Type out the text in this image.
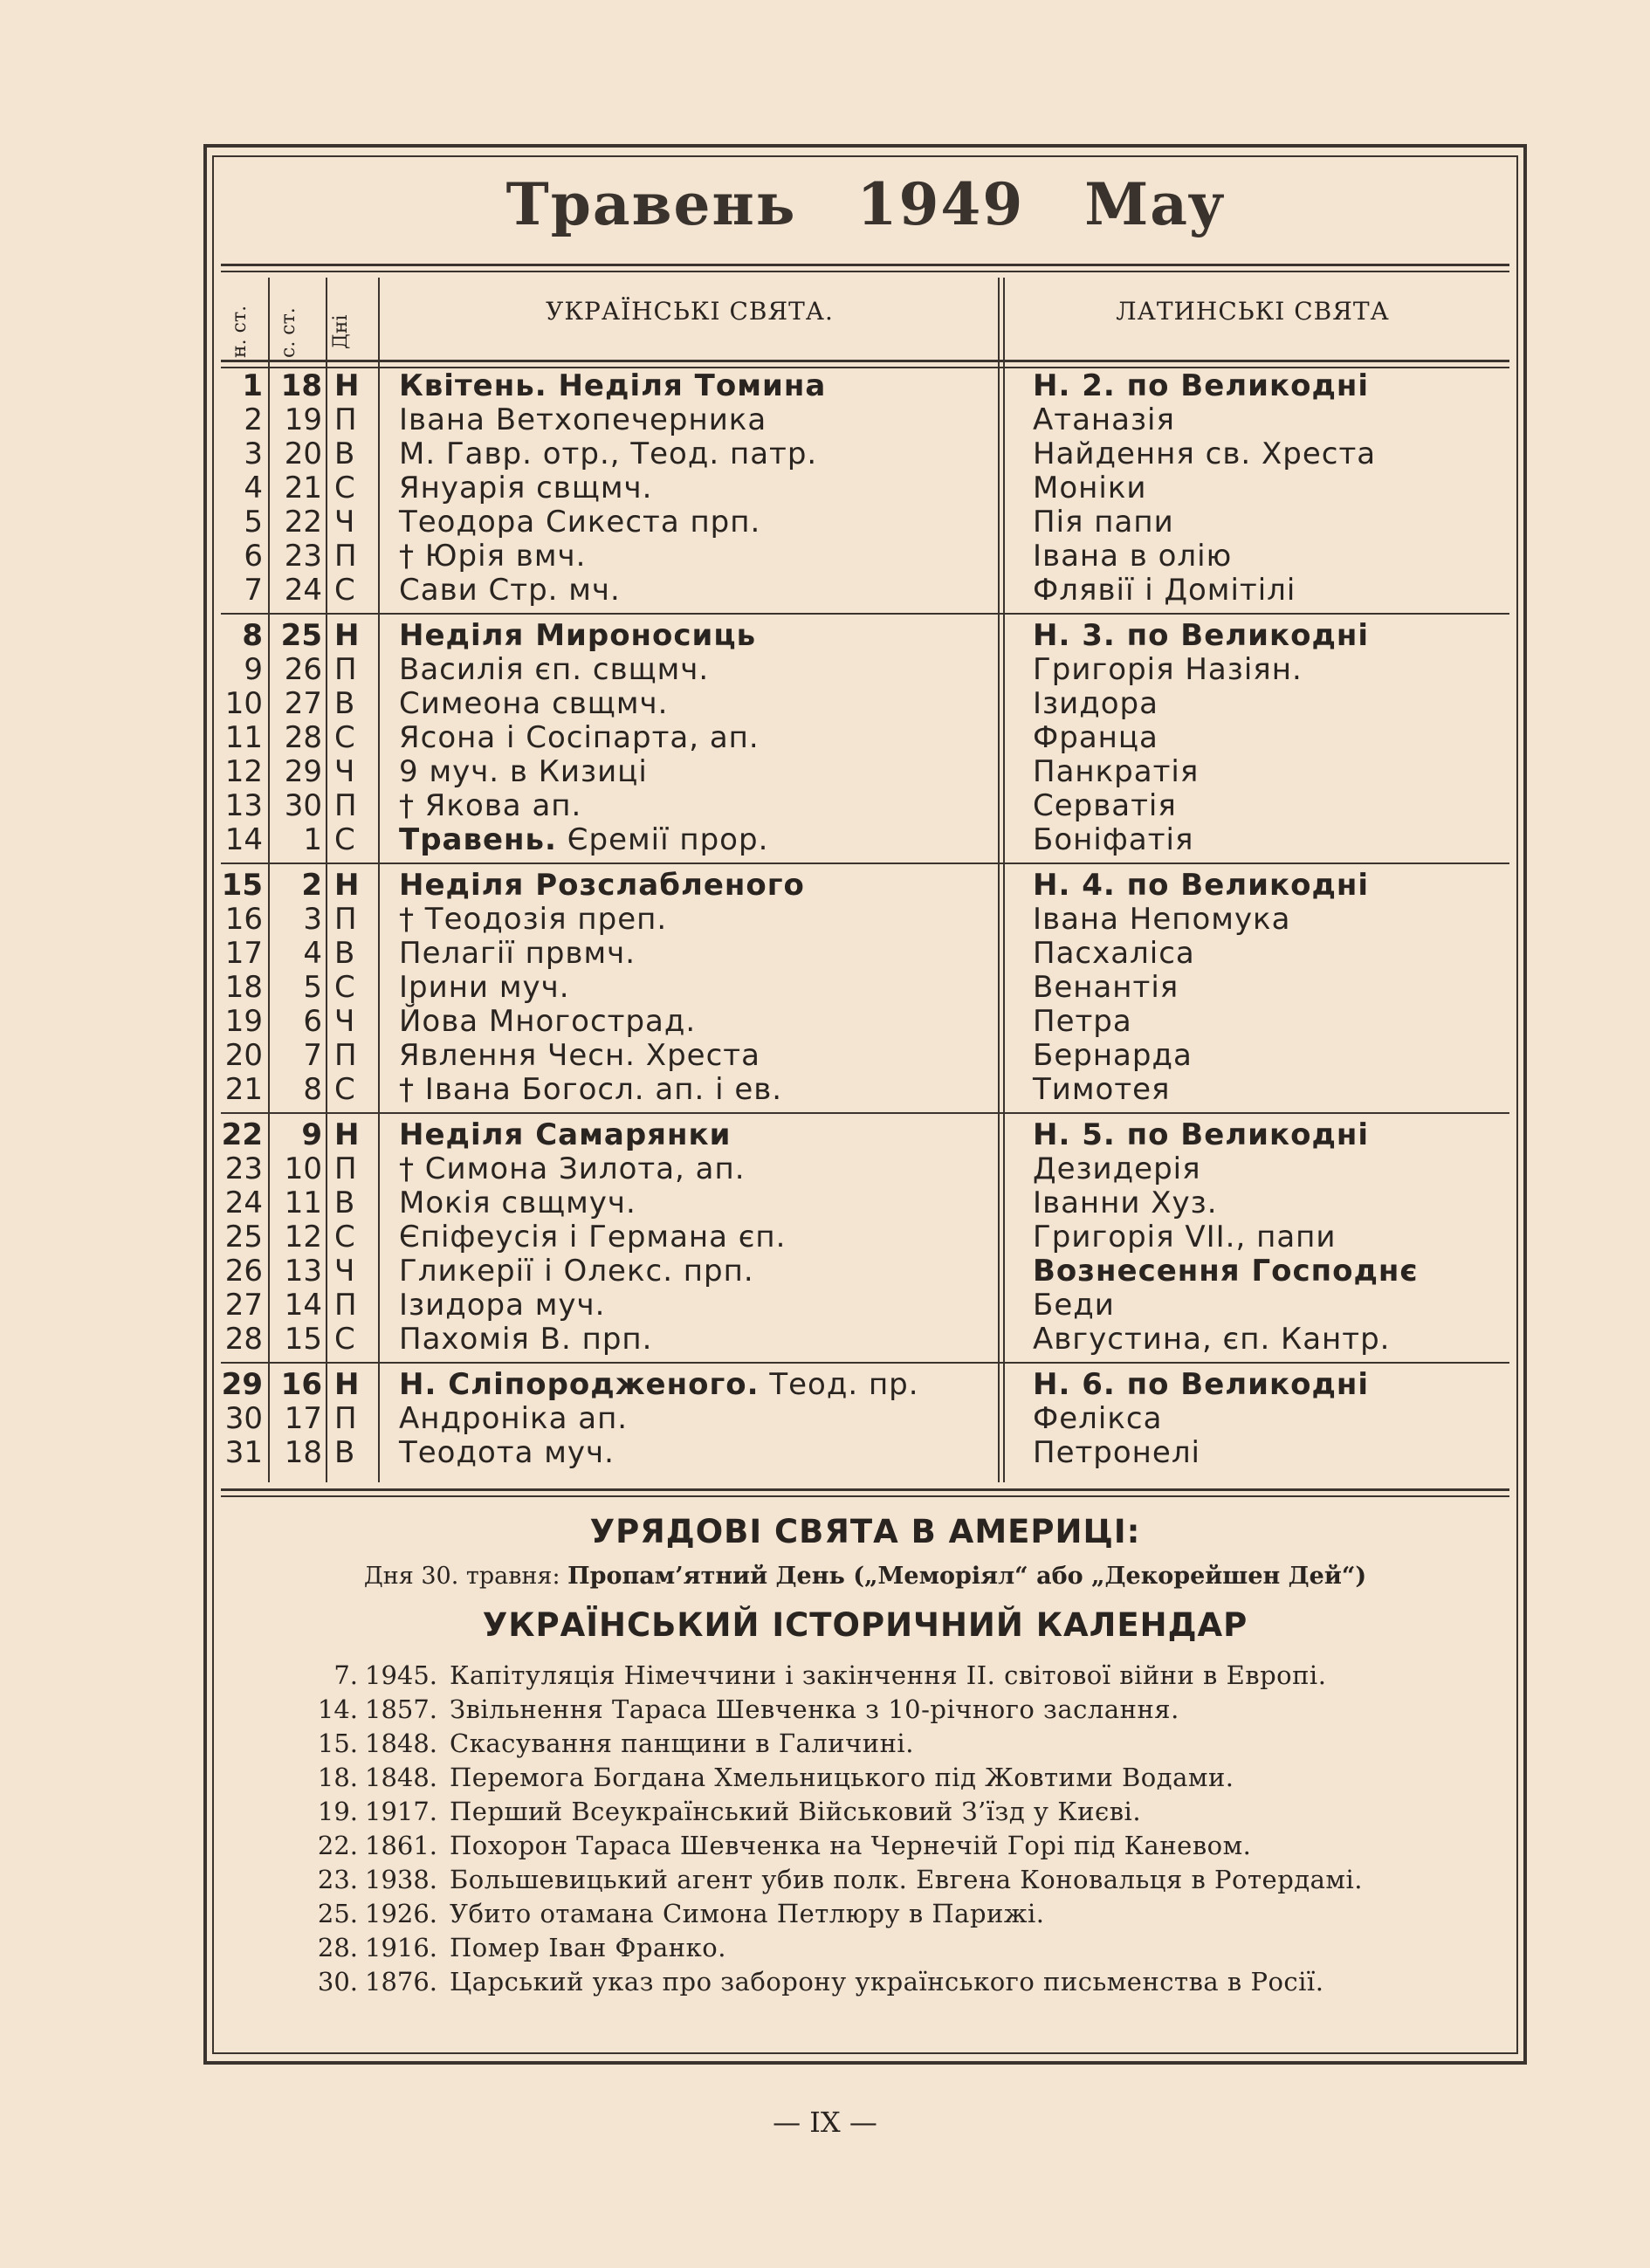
Травень 1949 May
н. ст. с. ст. Дні
УКРАЇНСЬКІ СВЯТА.	ЛАТИНСЬКІ СВЯТА
1 18 Н	Квітень. Неділя Томина	Н. 2. по Великодні
2 19 П	Івана Ветхопечерника	Атаназія
3 20 В	М. Гавр. отр., Теод. патр.	Найдення св. Хреста
4 21 С	Януарія свщмч.	Моніки
5 22 Ч	Теодора Сикеста прп.	Пія папи
6 23 П	† Юрія вмч.	Івана в олію
7 24 С	Сави Стр. мч.	Флявії і Домітілі
8 25 Н	Неділя Мироносиць	Н. 3. по Великодні
9 26 П	Василія єп. свщмч.	Григорія Назіян.
10 27 В	Симеона свщмч.	Ізидора
11 28 С	Ясона і Сосіпарта, ап.	Франца
12 29 Ч	9 муч. в Кизиці	Панкратія
13 30 П	† Якова ап.	Серватія
14	1 С	Травень. Єремії прор.	Боніфатія
15	2 Н	Неділя Розслабленого	Н. 4. по Великодні
16	3 П	† Теодозія преп.	Івана Непомука
17	4 В	Пелагії првмч.	Пасхаліса
18	5 С	Ірини муч.	Венантія
19	6 Ч	Йова Многострад.	Петра
20	7 П	Явлення Чесн. Хреста	Бернарда
21	8 С	† Івана Богосл. ап. і ев.	Тимотея
22	9 Н	Неділя Самарянки	Н. 5. по Великодні
23 10 П	† Симона Зилота, ап.	Дезидерія
24 11 В	Мокія свщмуч.	Іванни Хуз.
25 12 С	Єпіфеусія і Германа єп.	Григорія VII., папи
26 13 Ч	Гликерії і Олекс. прп.	Вознесення Господнє
27 14 П	Ізидора муч.	Беди
28 15 С	Пахомія В. прп.	Августина, єп. Кантр.
29 16 Н	Н. Сліпородженого. Теод. пр.	Н. 6. по Великодні
30 17 П	Андроніка ап.	Фелікса
31 18 В	Теодота муч.	Петронелі
УРЯДОВІ СВЯТА В АМЕРИЦІ:
Дня 30. травня: Пропам’ятний День („Меморіял“ або „Декорейшен Дей“)
УКРАЇНСЬКИЙ ІСТОРИЧНИЙ КАЛЕНДАР
7. 1945. Капітуляція Німеччини і закінчення II. світової війни в Европі.
14. 1857. Звільнення Тараса Шевченка з 10-річного заслання.
15. 1848. Скасування панщини в Галичині.
18. 1848. Перемога Богдана Хмельницького під Жовтими Водами.
19. 1917. Перший Всеукраїнський Військовий З’їзд у Києві.
22. 1861. Похорон Тараса Шевченка на Чернечій Горі під Каневом.
23. 1938. Большевицький агент убив полк. Евгена Коновальця в Ротердамі.
25. 1926. Убито отамана Симона Петлюру в Парижі.
28. 1916. Помер Іван Франко.
30. 1876. Царський указ про заборону українського письменства в Росії.
— IX —
